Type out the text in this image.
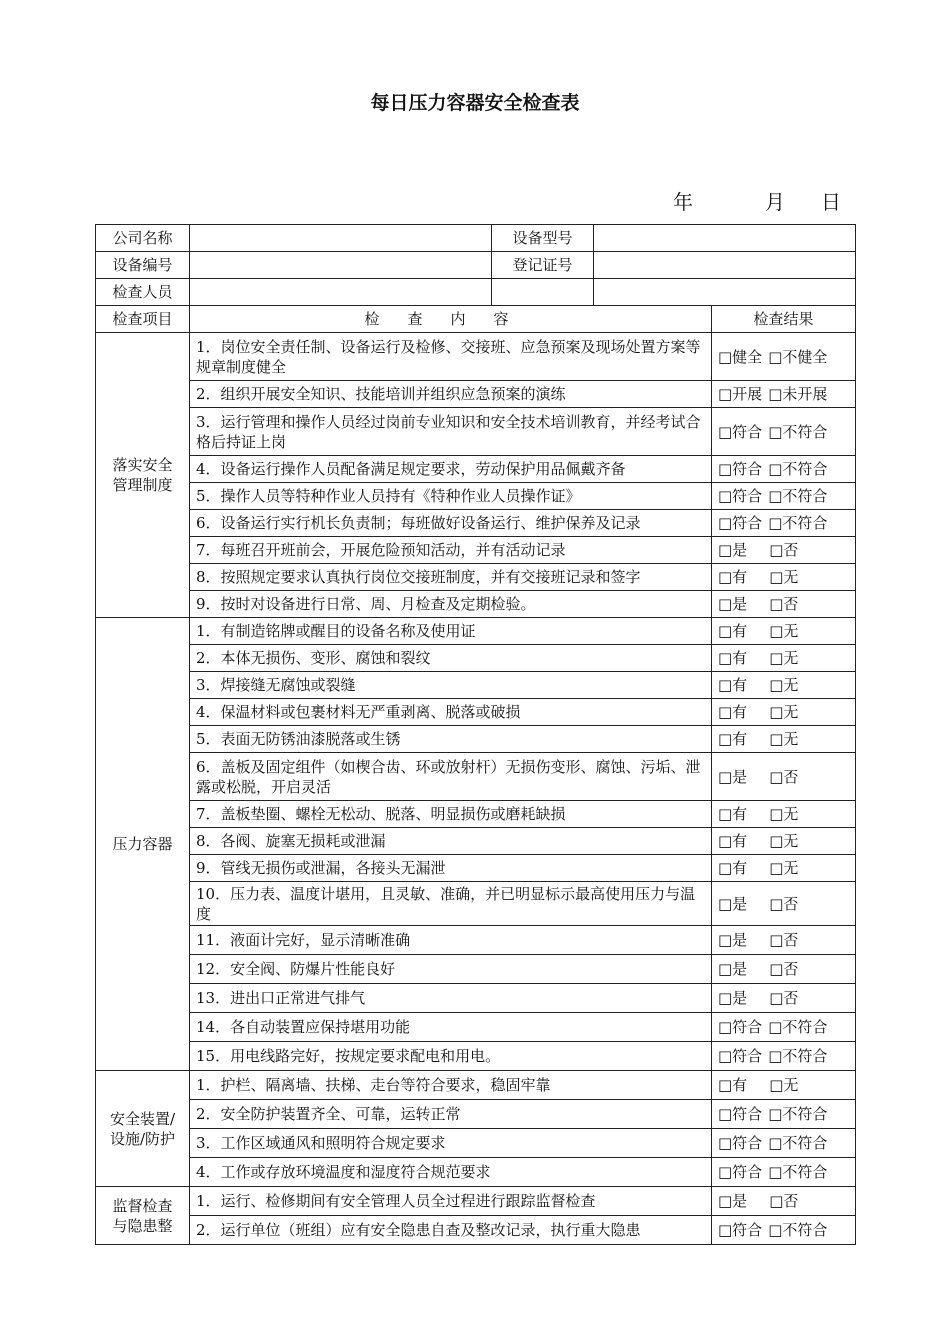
每日压力容器安全检查表
年	月 日
公司名称		设备型号		
设备编号		登记证号		
检查人员				
检查项目	检查内容			检查结果

落实安全
管理制度	1．岗位安全责任制、设备运行及检修、交接班、应急预案及现场处置方案等规章制度健全			□健全 □不健全

	2．组织开展安全知识、技能培训并组织应急预案的演练			□开展 □未开展

	3．运行管理和操作人员经过岗前专业知识和安全技术培训教育，并经考试合格后持证上岗			□符合 □不符合

	4．设备运行操作人员配备满足规定要求，劳动保护用品佩戴齐备			□符合 □不符合

	5．操作人员等特种作业人员持有《特种作业人员操作证》			□符合 □不符合

	6．设备运行实行机长负责制；每班做好设备运行、维护保养及记录			□符合 □不符合

	7．每班召开班前会，开展危险预知活动，并有活动记录			□是 □否

	8．按照规定要求认真执行岗位交接班制度，并有交接班记录和签字			□有 □无

	9．按时对设备进行日常、周、月检查及定期检验。			□是 □否

压力容器	1．有制造铭牌或醒目的设备名称及使用证			□有 □无

	2．本体无损伤、变形、腐蚀和裂纹			□有 □无

	3．焊接缝无腐蚀或裂缝			□有 □无

	4．保温材料或包裹材料无严重剥离、脱落或破损			□有 □无

	5．表面无防锈油漆脱落或生锈			□有 □无

	6．盖板及固定组件（如楔合齿、环或放射杆）无损伤变形、腐蚀、污垢、泄露或松脱，开启灵活			□是 □否

	7．盖板垫圈、螺栓无松动、脱落、明显损伤或磨耗缺损			□有 □无

	8．各阀、旋塞无损耗或泄漏			□有 □无

	9．管线无损伤或泄漏，各接头无漏泄			□有 □无

	10．压力表、温度计堪用，且灵敏、准确，并已明显标示最高使用压力与温度			□是 □否

	11．液面计完好，显示清晰准确			□是 □否

	12．安全阀、防爆片性能良好			□是 □否

	13．进出口正常进气排气			□是 □否

	14．各自动装置应保持堪用功能			□符合 □不符合

	15．用电线路完好，按规定要求配电和用电。			□符合 □不符合

安全装置/
设施/防护	1．护栏、隔离墙、扶梯、走台等符合要求，稳固牢靠			□有 □无

	2．安全防护装置齐全、可靠，运转正常			□符合 □不符合

	3．工作区域通风和照明符合规定要求			□符合 □不符合

	4．工作或存放环境温度和湿度符合规范要求			□符合 □不符合

监督检查
与隐患整	1．运行、检修期间有安全管理人员全过程进行跟踪监督检查			□是 □否

	2．运行单位（班组）应有安全隐患自查及整改记录，执行重大隐患			□符合 □不符合
